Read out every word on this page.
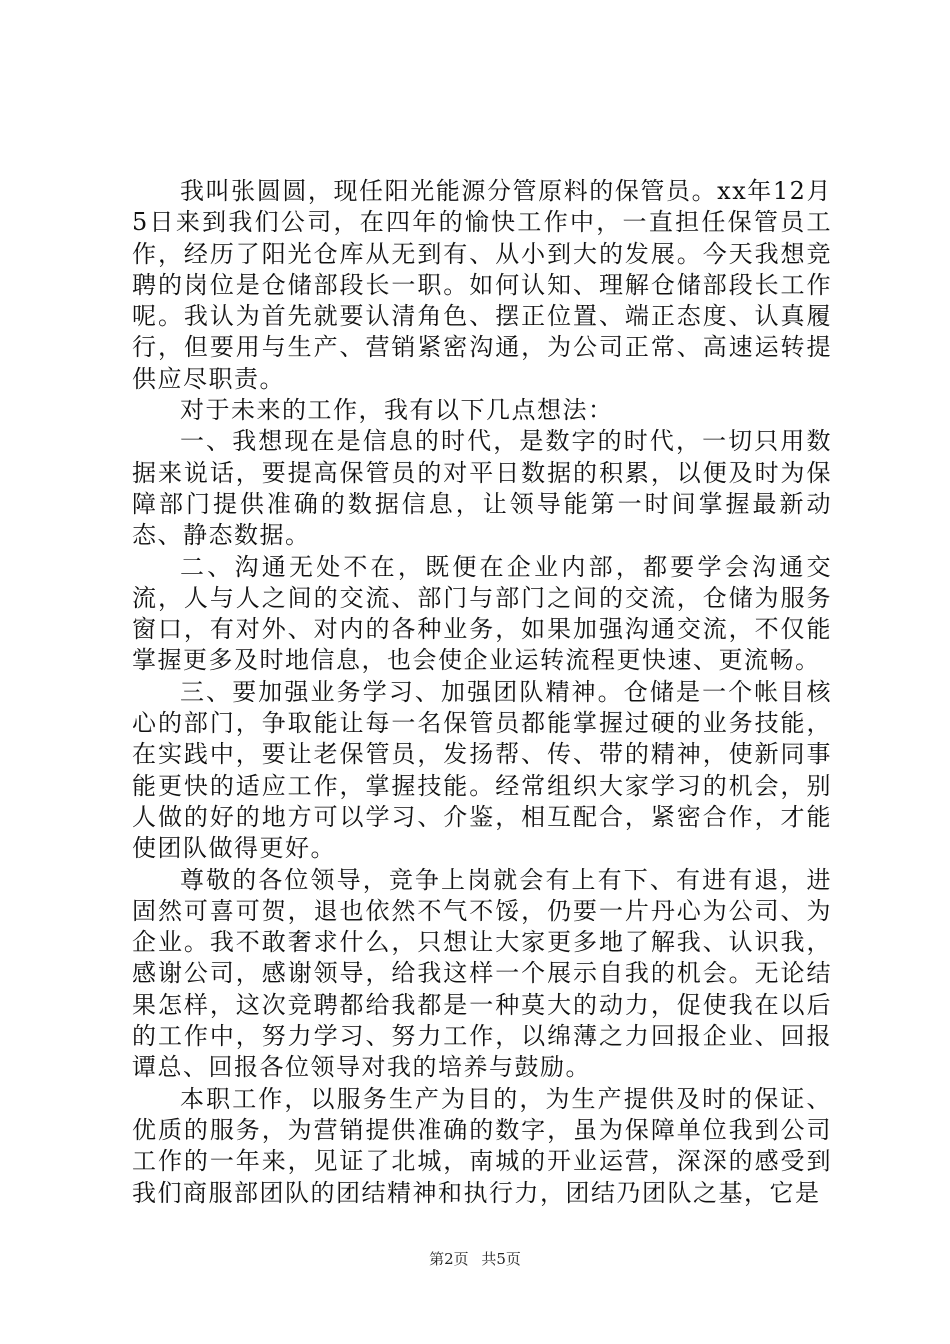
我叫张圆圆，现任阳光能源分管原料的保管员。xx年12月5日来到我们公司，在四年的愉快工作中，一直担任保管员工作，经历了阳光仓库从无到有、从小到大的发展。今天我想竞聘的岗位是仓储部段长一职。如何认知、理解仓储部段长工作呢。我认为首先就要认清角色、摆正位置、端正态度、认真履行，但要用与生产、营销紧密沟通，为公司正常、高速运转提供应尽职责。

对于未来的工作，我有以下几点想法：

一、我想现在是信息的时代，是数字的时代，一切只用数据来说话，要提高保管员的对平日数据的积累，以便及时为保障部门提供准确的数据信息，让领导能第一时间掌握最新动态、静态数据。

二、沟通无处不在，既便在企业内部，都要学会沟通交流，人与人之间的交流、部门与部门之间的交流，仓储为服务窗口，有对外、对内的各种业务，如果加强沟通交流，不仅能掌握更多及时地信息，也会使企业运转流程更快速、更流畅。

三、要加强业务学习、加强团队精神。仓储是一个帐目核心的部门，争取能让每一名保管员都能掌握过硬的业务技能，在实践中，要让老保管员，发扬帮、传、带的精神，使新同事能更快的适应工作，掌握技能。经常组织大家学习的机会，别人做的好的地方可以学习、介鉴，相互配合，紧密合作，才能使团队做得更好。

尊敬的各位领导，竞争上岗就会有上有下、有进有退，进固然可喜可贺，退也依然不气不馁，仍要一片丹心为公司、为企业。我不敢奢求什么，只想让大家更多地了解我、认识我，感谢公司，感谢领导，给我这样一个展示自我的机会。无论结果怎样，这次竞聘都给我都是一种莫大的动力，促使我在以后的工作中，努力学习、努力工作，以绵薄之力回报企业、回报谭总、回报各位领导对我的培养与鼓励。

本职工作，以服务生产为目的，为生产提供及时的保证、优质的服务，为营销提供准确的数字，虽为保障单位我到公司工作的一年来，见证了北城，南城的开业运营，深深的感受到我们商服部团队的团结精神和执行力，团结乃团队之基，它是

第2页 共5页
